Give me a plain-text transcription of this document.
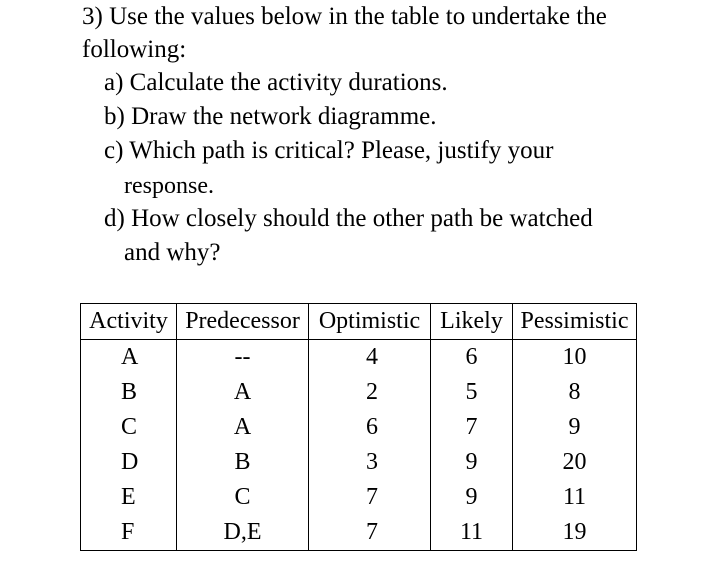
3) Use the values below in the table to undertake the
following:
a) Calculate the activity durations.
b) Draw the network diagramme.
c) Which path is critical? Please, justify your
response.
d) How closely should the other path be watched
and why?
Activity	Predecessor	Optimistic	Likely	Pessimistic
A	--	4	6	10
B	A	2	5	8
C	A	6	7	9
D	B	3	9	20
E	C	7	9	11
F	D,E	7	11	19
